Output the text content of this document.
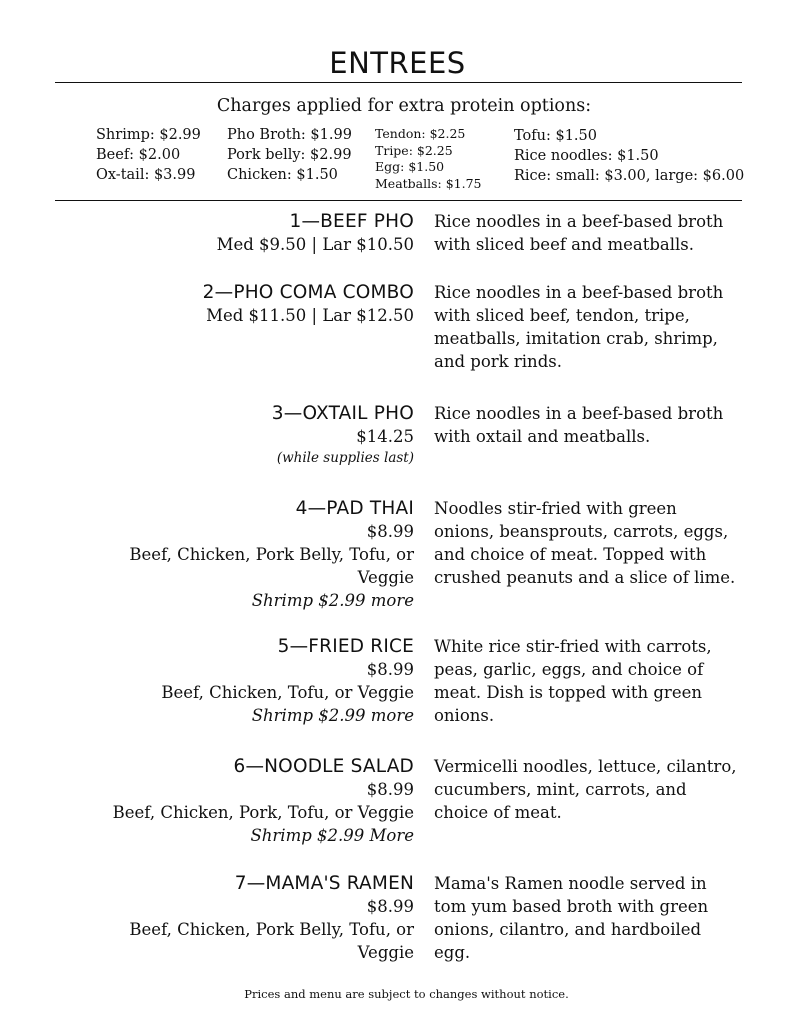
ENTREES
Charges applied for extra protein options:
Shrimp: $2.99
Beef: $2.00
Ox-tail: $3.99
Pho Broth: $1.99
Pork belly: $2.99
Chicken: $1.50
Tendon: $2.25
Tripe: $2.25
Egg: $1.50
Meatballs: $1.75
Tofu: $1.50
Rice noodles: $1.50
Rice: small: $3.00, large: $6.00
1—BEEF PHO
Med $9.50 | Lar $10.50
Rice noodles in a beef-based broth
with sliced beef and meatballs.
2—PHO COMA COMBO
Med $11.50 | Lar $12.50
Rice noodles in a beef-based broth
with sliced beef, tendon, tripe,
meatballs, imitation crab, shrimp,
and pork rinds.
3—OXTAIL PHO
$14.25
(while supplies last)
Rice noodles in a beef-based broth
with oxtail and meatballs.
4—PAD THAI
$8.99
Beef, Chicken, Pork Belly, Tofu, or
Veggie
Shrimp $2.99 more
Noodles stir-fried with green
onions, beansprouts, carrots, eggs,
and choice of meat. Topped with
crushed peanuts and a slice of lime.
5—FRIED RICE
$8.99
Beef, Chicken, Tofu, or Veggie
Shrimp $2.99 more
White rice stir-fried with carrots,
peas, garlic, eggs, and choice of
meat. Dish is topped with green
onions.
6—NOODLE SALAD
$8.99
Beef, Chicken, Pork, Tofu, or Veggie
Shrimp $2.99 More
Vermicelli noodles, lettuce, cilantro,
cucumbers, mint, carrots, and
choice of meat.
7—MAMA'S RAMEN
$8.99
Beef, Chicken, Pork Belly, Tofu, or
Veggie
Mama's Ramen noodle served in
tom yum based broth with green
onions, cilantro, and hardboiled
egg.
Prices and menu are subject to changes without notice.
